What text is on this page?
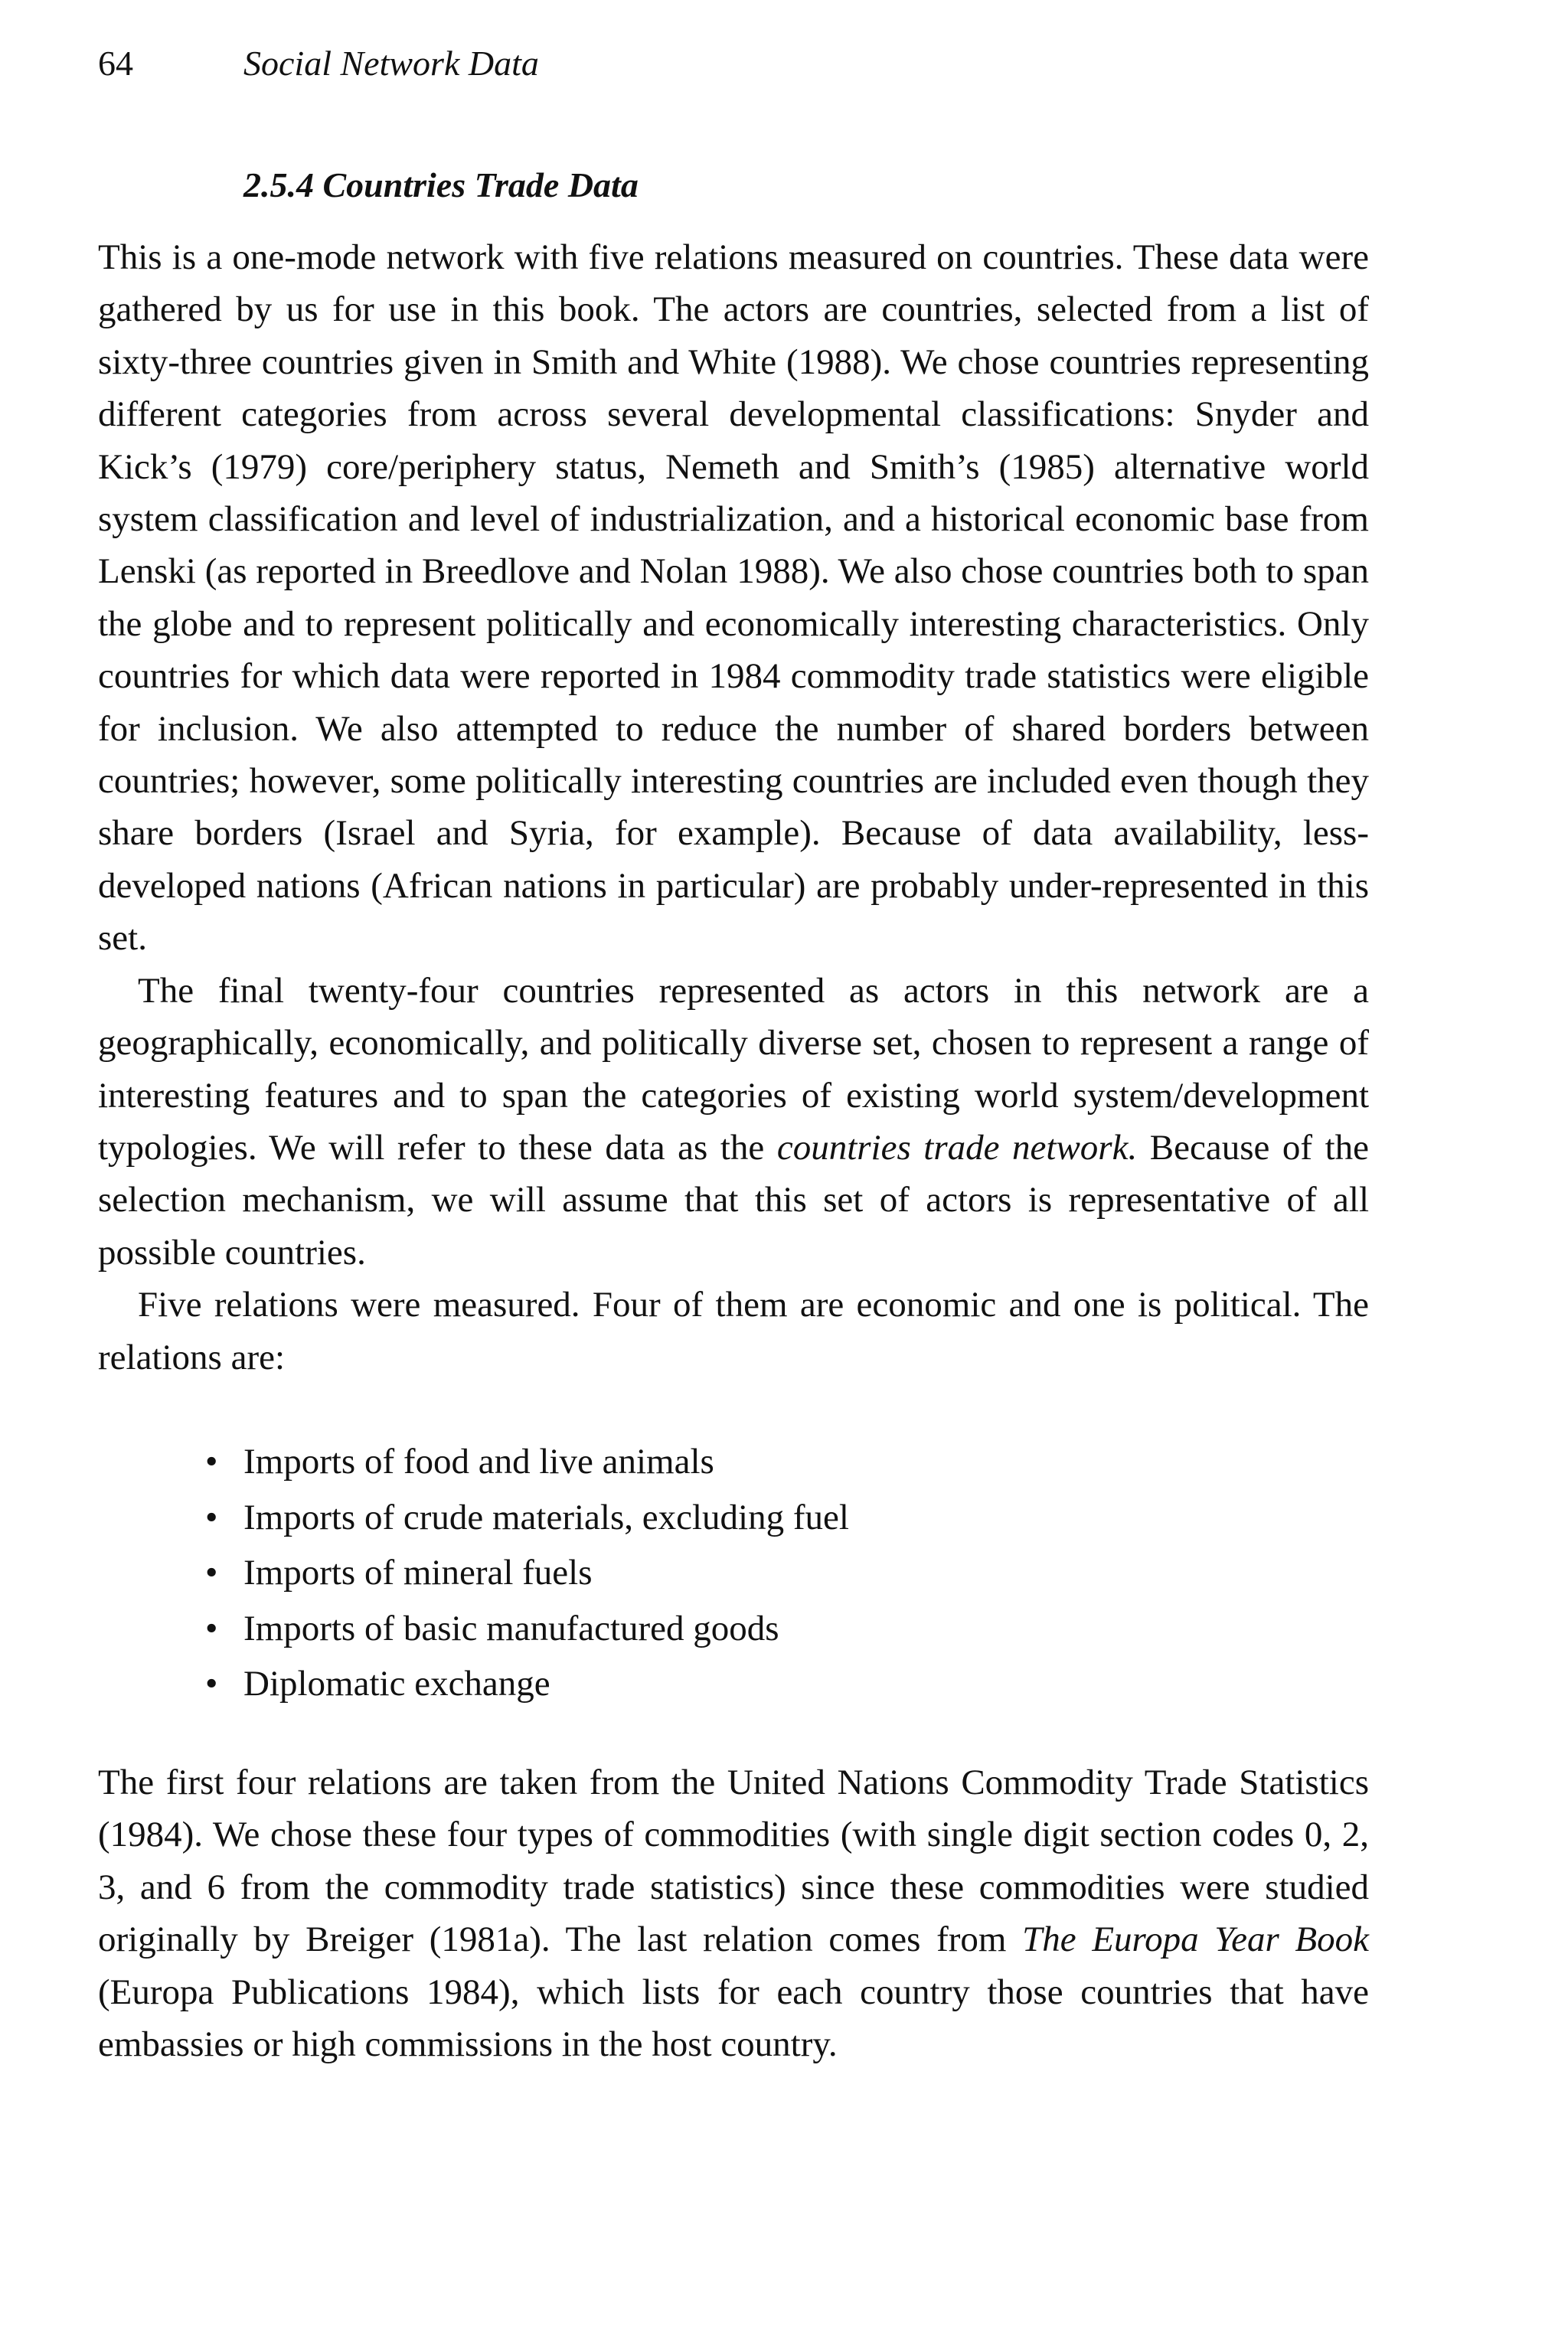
64	Social Network Data
2.5.4 Countries Trade Data

This is a one-mode network with five relations measured on countries. These data were gathered by us for use in this book. The actors are countries, selected from a list of sixty-three countries given in Smith and White (1988). We chose countries representing different categories from across several developmental classifications: Snyder and Kick’s (1979) core/periphery status, Nemeth and Smith’s (1985) alternative world system classification and level of industrialization, and a historical economic base from Lenski (as reported in Breedlove and Nolan 1988). We also chose countries both to span the globe and to represent politically and economically interesting characteristics. Only countries for which data were reported in 1984 commodity trade statistics were eligible for inclusion. We also attempted to reduce the number of shared borders between countries; however, some politically interesting countries are included even though they share borders (Israel and Syria, for example). Because of data availability, less-developed nations (African nations in particular) are probably under-represented in this set.

The final twenty-four countries represented as actors in this network are a geographically, economically, and politically diverse set, chosen to represent a range of interesting features and to span the categories of existing world system/development typologies. We will refer to these data as the countries trade network. Because of the selection mechanism, we will assume that this set of actors is representative of all possible countries.

Five relations were measured. Four of them are economic and one is political. The relations are:

• Imports of food and live animals
• Imports of crude materials, excluding fuel
• Imports of mineral fuels
• Imports of basic manufactured goods
• Diplomatic exchange

The first four relations are taken from the United Nations Commodity Trade Statistics (1984). We chose these four types of commodities (with single digit section codes 0, 2, 3, and 6 from the commodity trade statistics) since these commodities were studied originally by Breiger (1981a). The last relation comes from The Europa Year Book (Europa Publications 1984), which lists for each country those countries that have embassies or high commissions in the host country.
